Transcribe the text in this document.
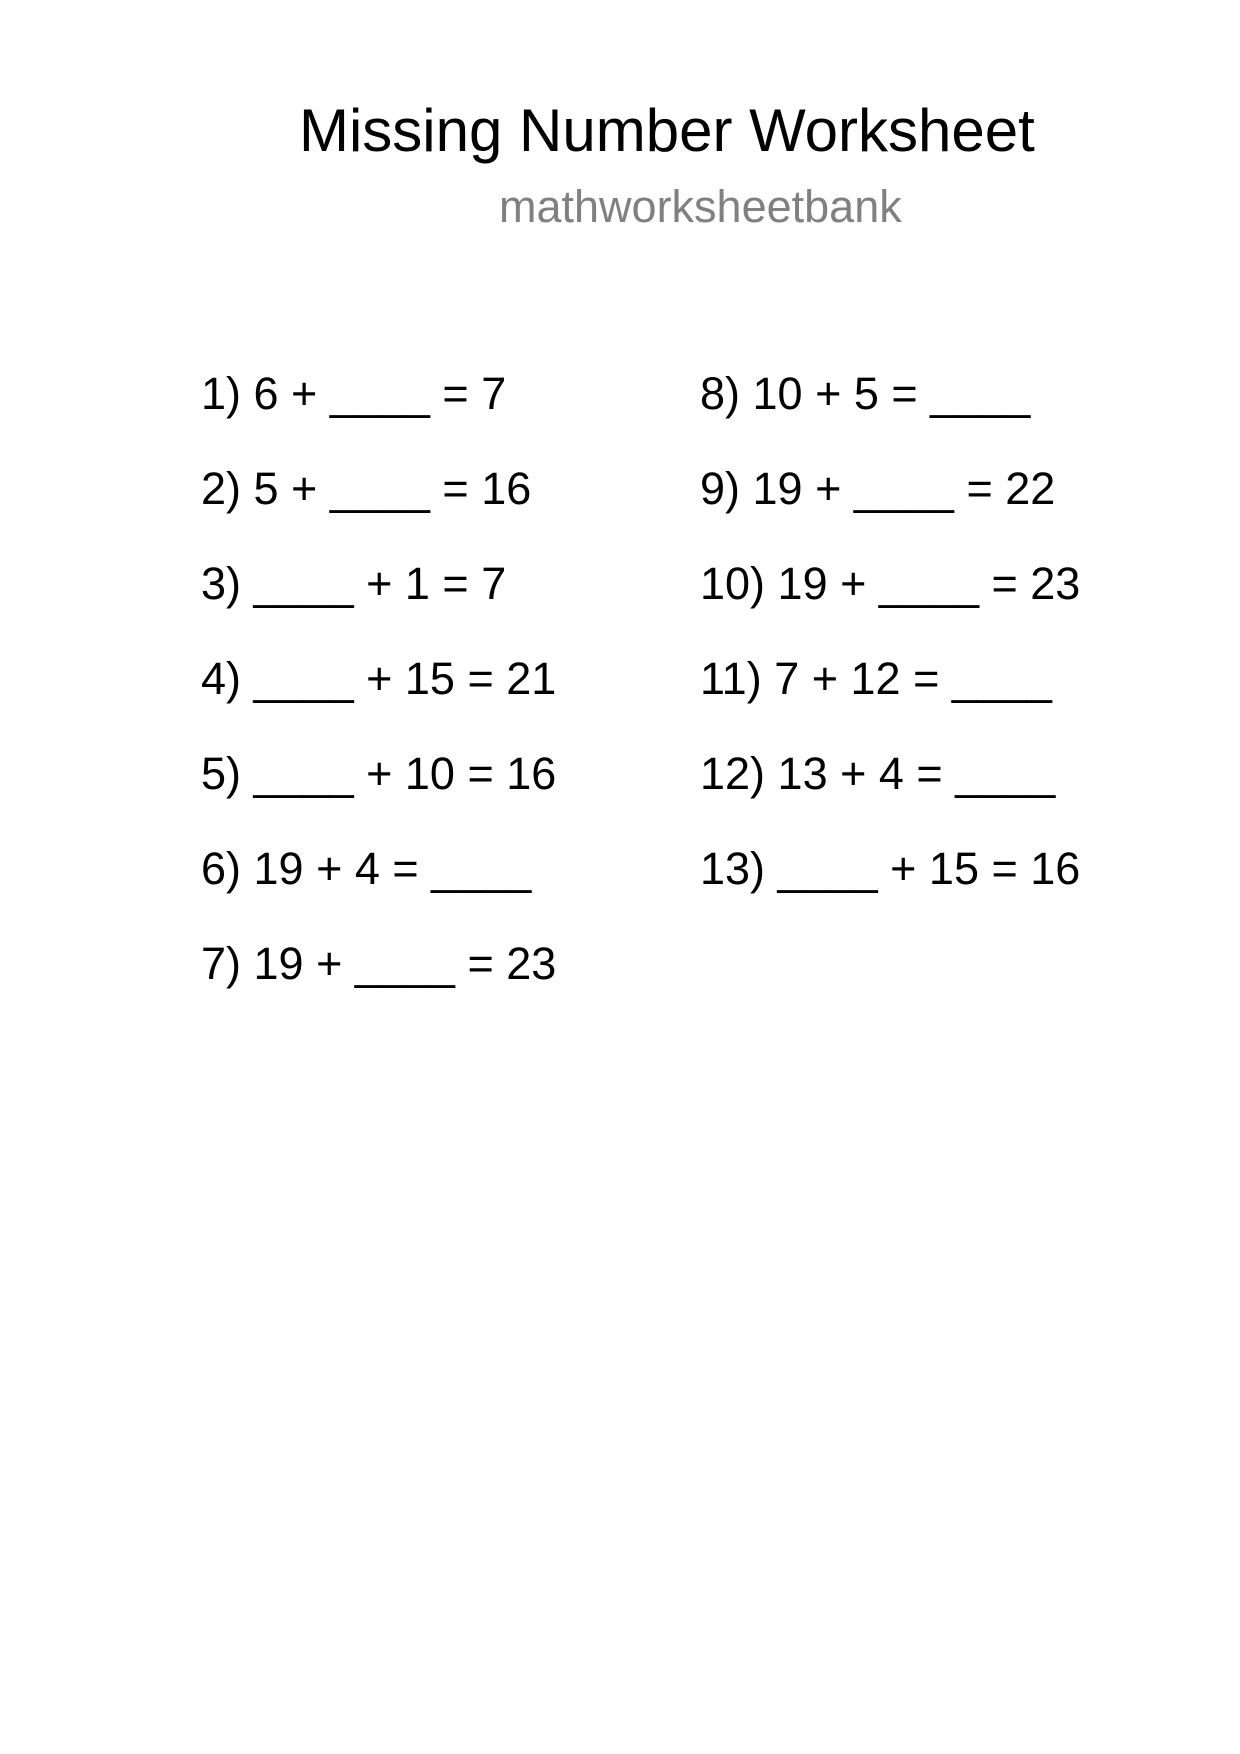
Missing Number Worksheet
mathworksheetbank
1) 6 + ____ = 7
2) 5 + ____ = 16
3) ____ + 1 = 7
4) ____ + 15 = 21
5) ____ + 10 = 16
6) 19 + 4 = ____
7) 19 + ____ = 23
8) 10 + 5 = ____
9) 19 + ____ = 22
10) 19 + ____ = 23
11) 7 + 12 = ____
12) 13 + 4 = ____
13) ____ + 15 = 16
